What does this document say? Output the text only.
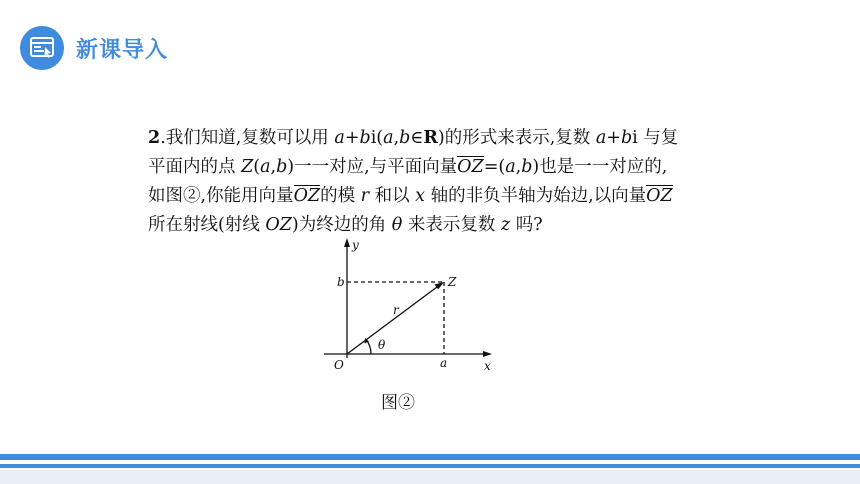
新课导入
2.我们知道,复数可以用 a+bi(a,b∈R)的形式来表示,复数 a+bi 与复
平面内的点 Z(a,b)一一对应,与平面向量OZ=(a,b)也是一一对应的,
如图②,你能用向量OZ的模 r 和以 x 轴的非负半轴为始边,以向量OZ
所在射线(射线 OZ)为终边的角 θ 来表示复数 z 吗?
y
b	Z
r
θ
O	a	x
图②
